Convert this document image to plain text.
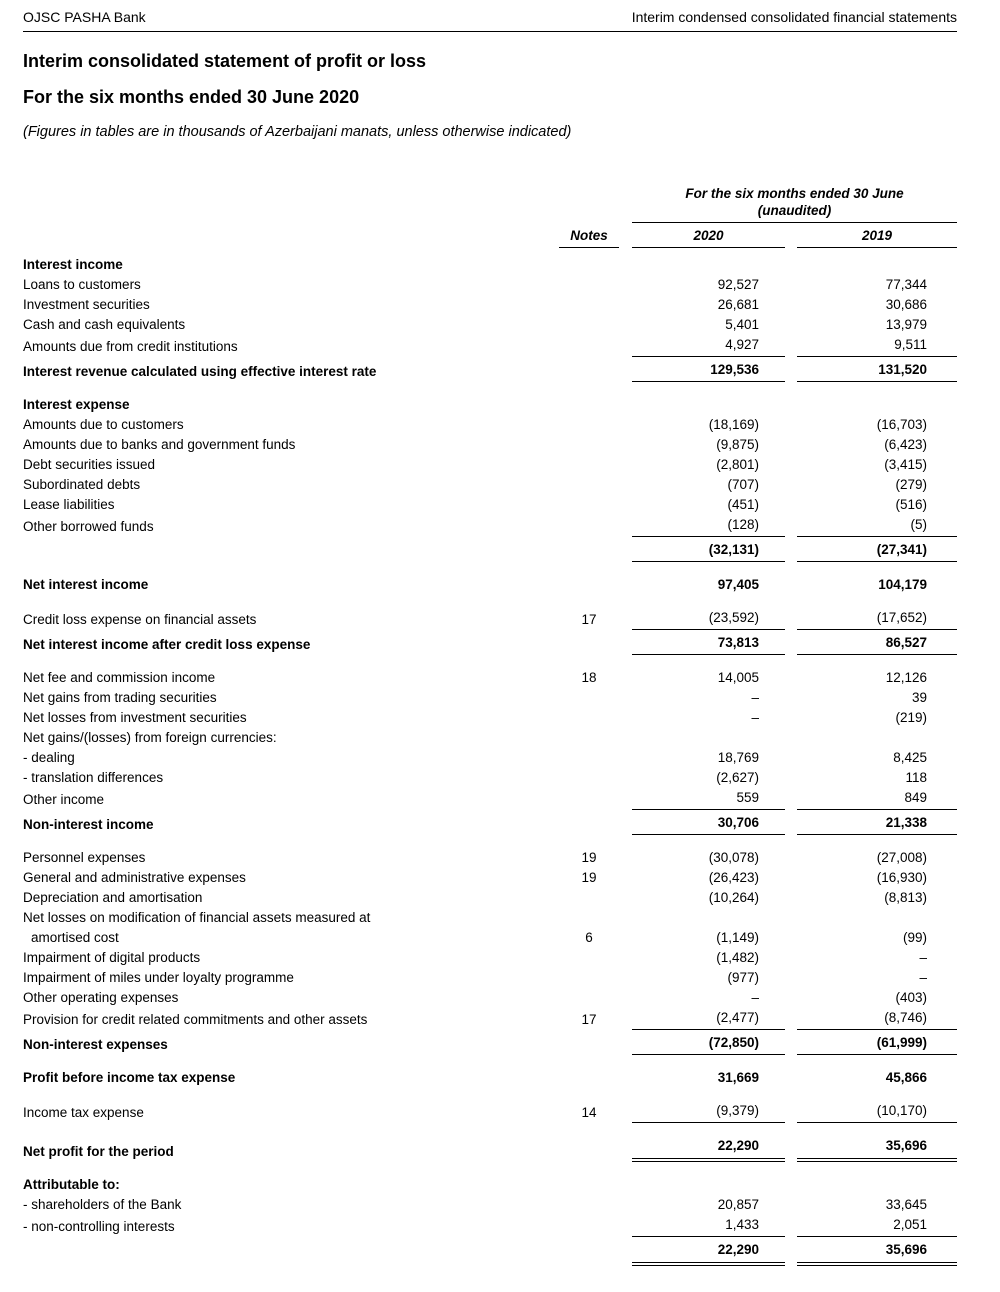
OJSC PASHA Bank	Interim condensed consolidated financial statements
Interim consolidated statement of profit or loss
For the six months ended 30 June 2020

(Figures in tables are in thousands of Azerbaijani manats, unless otherwise indicated)

For the six months ended 30 June
(unaudited)
Notes	2020	2019
Interest income
Loans to customers	92,527	77,344
Investment securities	26,681	30,686
Cash and cash equivalents	5,401	13,979
Amounts due from credit institutions	4,927	9,511
Interest revenue calculated using effective interest rate	129,536	131,520
Interest expense
Amounts due to customers	(18,169)	(16,703)
Amounts due to banks and government funds	(9,875)	(6,423)
Debt securities issued	(2,801)	(3,415)
Subordinated debts	(707)	(279)
Lease liabilities	(451)	(516)
Other borrowed funds	(128)	(5)
(32,131)	(27,341)
Net interest income	97,405	104,179
Credit loss expense on financial assets	17	(23,592)	(17,652)
Net interest income after credit loss expense	73,813	86,527
Net fee and commission income	18	14,005	12,126
Net gains from trading securities	–	39
Net losses from investment securities	–	(219)
Net gains/(losses) from foreign currencies:
- dealing	18,769	8,425
- translation differences	(2,627)	118
Other income	559	849
Non-interest income	30,706	21,338
Personnel expenses	19	(30,078)	(27,008)
General and administrative expenses	19	(26,423)	(16,930)
Depreciation and amortisation	(10,264)	(8,813)
Net losses on modification of financial assets measured at
amortised cost	6	(1,149)	(99)
Impairment of digital products	(1,482)	–
Impairment of miles under loyalty programme	(977)	–
Other operating expenses	–	(403)
Provision for credit related commitments and other assets	17	(2,477)	(8,746)
Non-interest expenses	(72,850)	(61,999)
Profit before income tax expense	31,669	45,866
Income tax expense	14	(9,379)	(10,170)
Net profit for the period	22,290	35,696
Attributable to:
- shareholders of the Bank	20,857	33,645
- non-controlling interests	1,433	2,051
22,290	35,696
